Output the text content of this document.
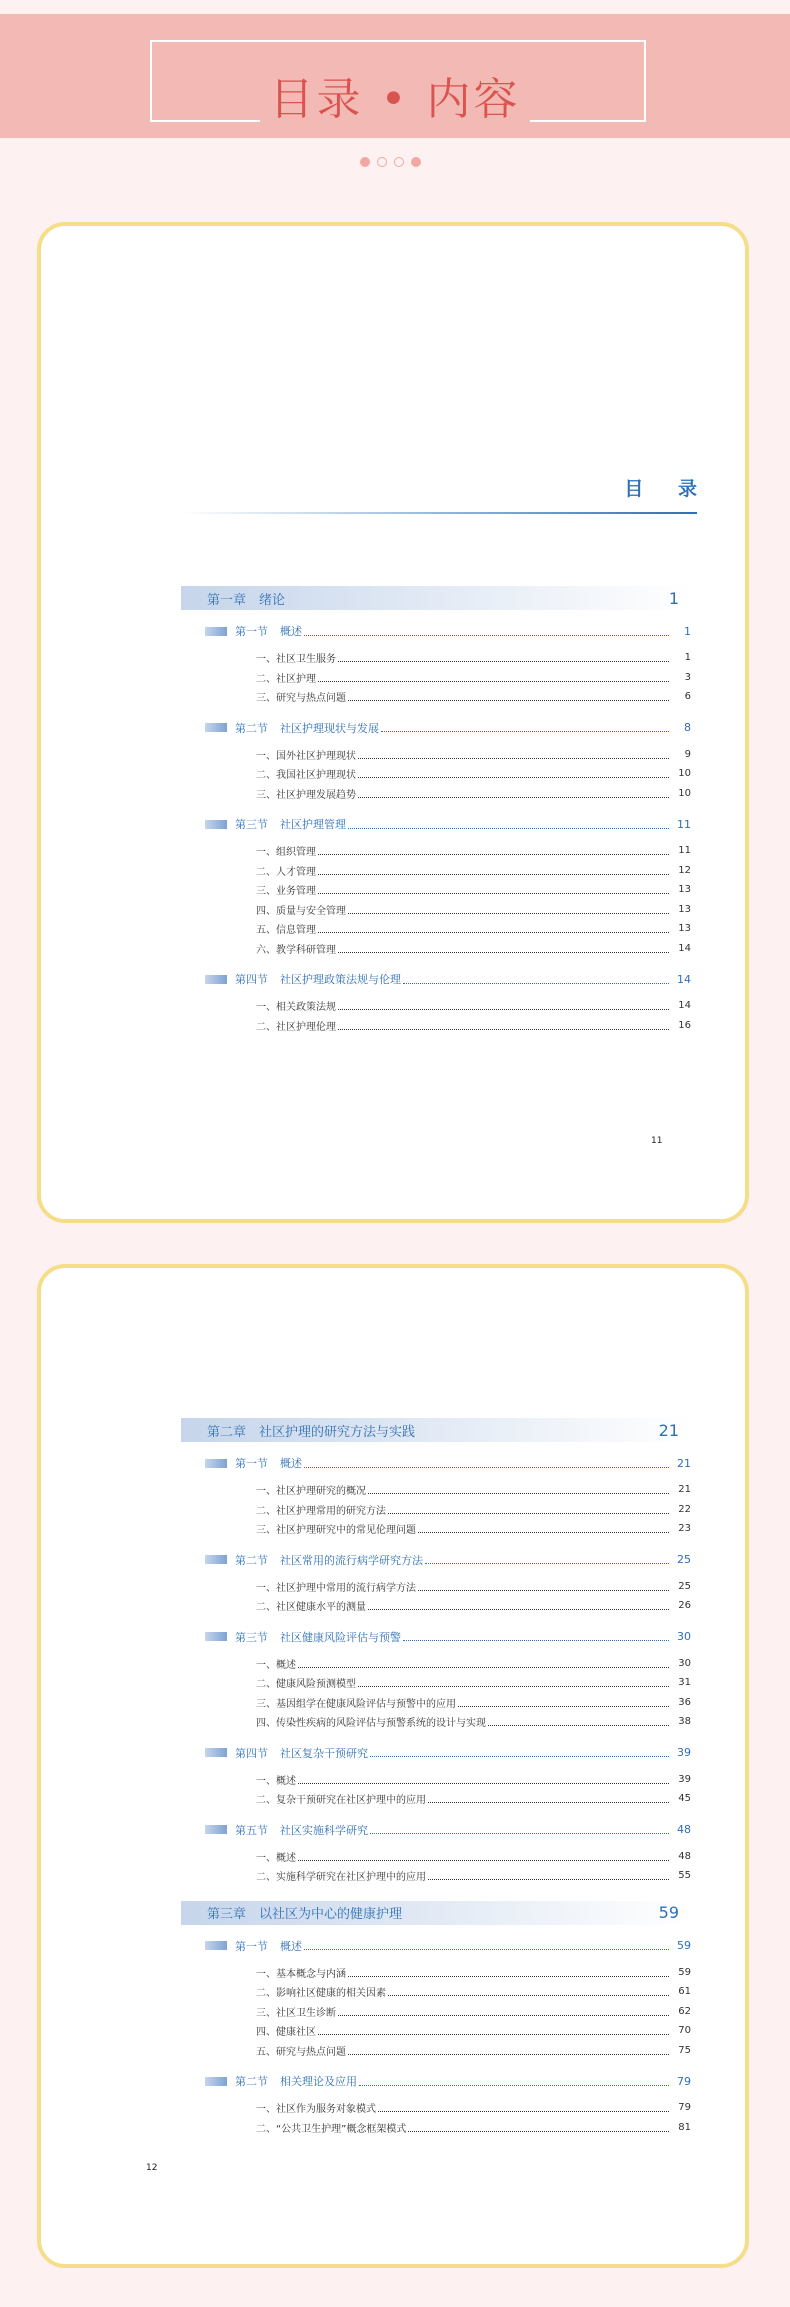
目录 • 内容
目 录
第一章　绪论	1
第一节 概述	1
一、社区卫生服务	1
二、社区护理	3
三、研究与热点问题	6
第二节 社区护理现状与发展	8
一、国外社区护理现状	9
二、我国社区护理现状	10
三、社区护理发展趋势	10
第三节 社区护理管理	11
一、组织管理	11
二、人才管理	12
三、业务管理	13
四、质量与安全管理	13
五、信息管理	13
六、教学科研管理	14
第四节 社区护理政策法规与伦理	14
一、相关政策法规	14
二、社区护理伦理	16
11
第二章　社区护理的研究方法与实践	21
第一节 概述	21
一、社区护理研究的概况	21
二、社区护理常用的研究方法	22
三、社区护理研究中的常见伦理问题	23
第二节 社区常用的流行病学研究方法	25
一、社区护理中常用的流行病学方法	25
二、社区健康水平的测量	26
第三节 社区健康风险评估与预警	30
一、概述	30
二、健康风险预测模型	31
三、基因组学在健康风险评估与预警中的应用	36
四、传染性疾病的风险评估与预警系统的设计与实现	38
第四节 社区复杂干预研究	39
一、概述	39
二、复杂干预研究在社区护理中的应用	45
第五节 社区实施科学研究	48
一、概述	48
二、实施科学研究在社区护理中的应用	55
第三章　以社区为中心的健康护理	59
第一节 概述	59
一、基本概念与内涵	59
二、影响社区健康的相关因素	61
三、社区卫生诊断	62
四、健康社区	70
五、研究与热点问题	75
第二节 相关理论及应用	79
一、社区作为服务对象模式	79
二、“公共卫生护理”概念框架模式	81
12
